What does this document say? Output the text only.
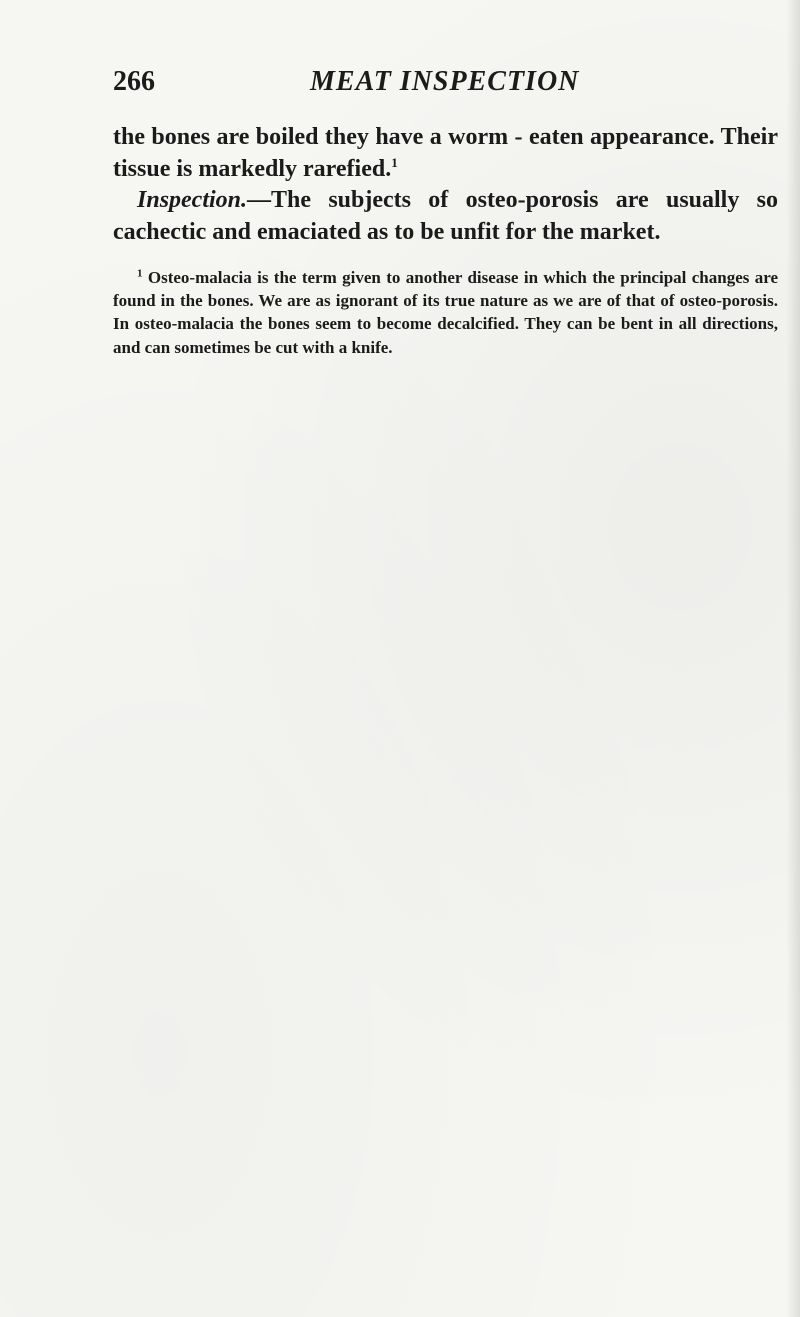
266	MEAT INSPECTION

the bones are boiled they have a worm - eaten appearance. Their tissue is markedly rarefied.$^1$

Inspection.—The subjects of osteo-porosis are usually so cachectic and emaciated as to be unfit for the market.

$^1$ Osteo-malacia is the term given to another disease in which the principal changes are found in the bones. We are as ignorant of its true nature as we are of that of osteo-porosis. In osteo-malacia the bones seem to become decalcified. They can be bent in all directions, and can sometimes be cut with a knife.
